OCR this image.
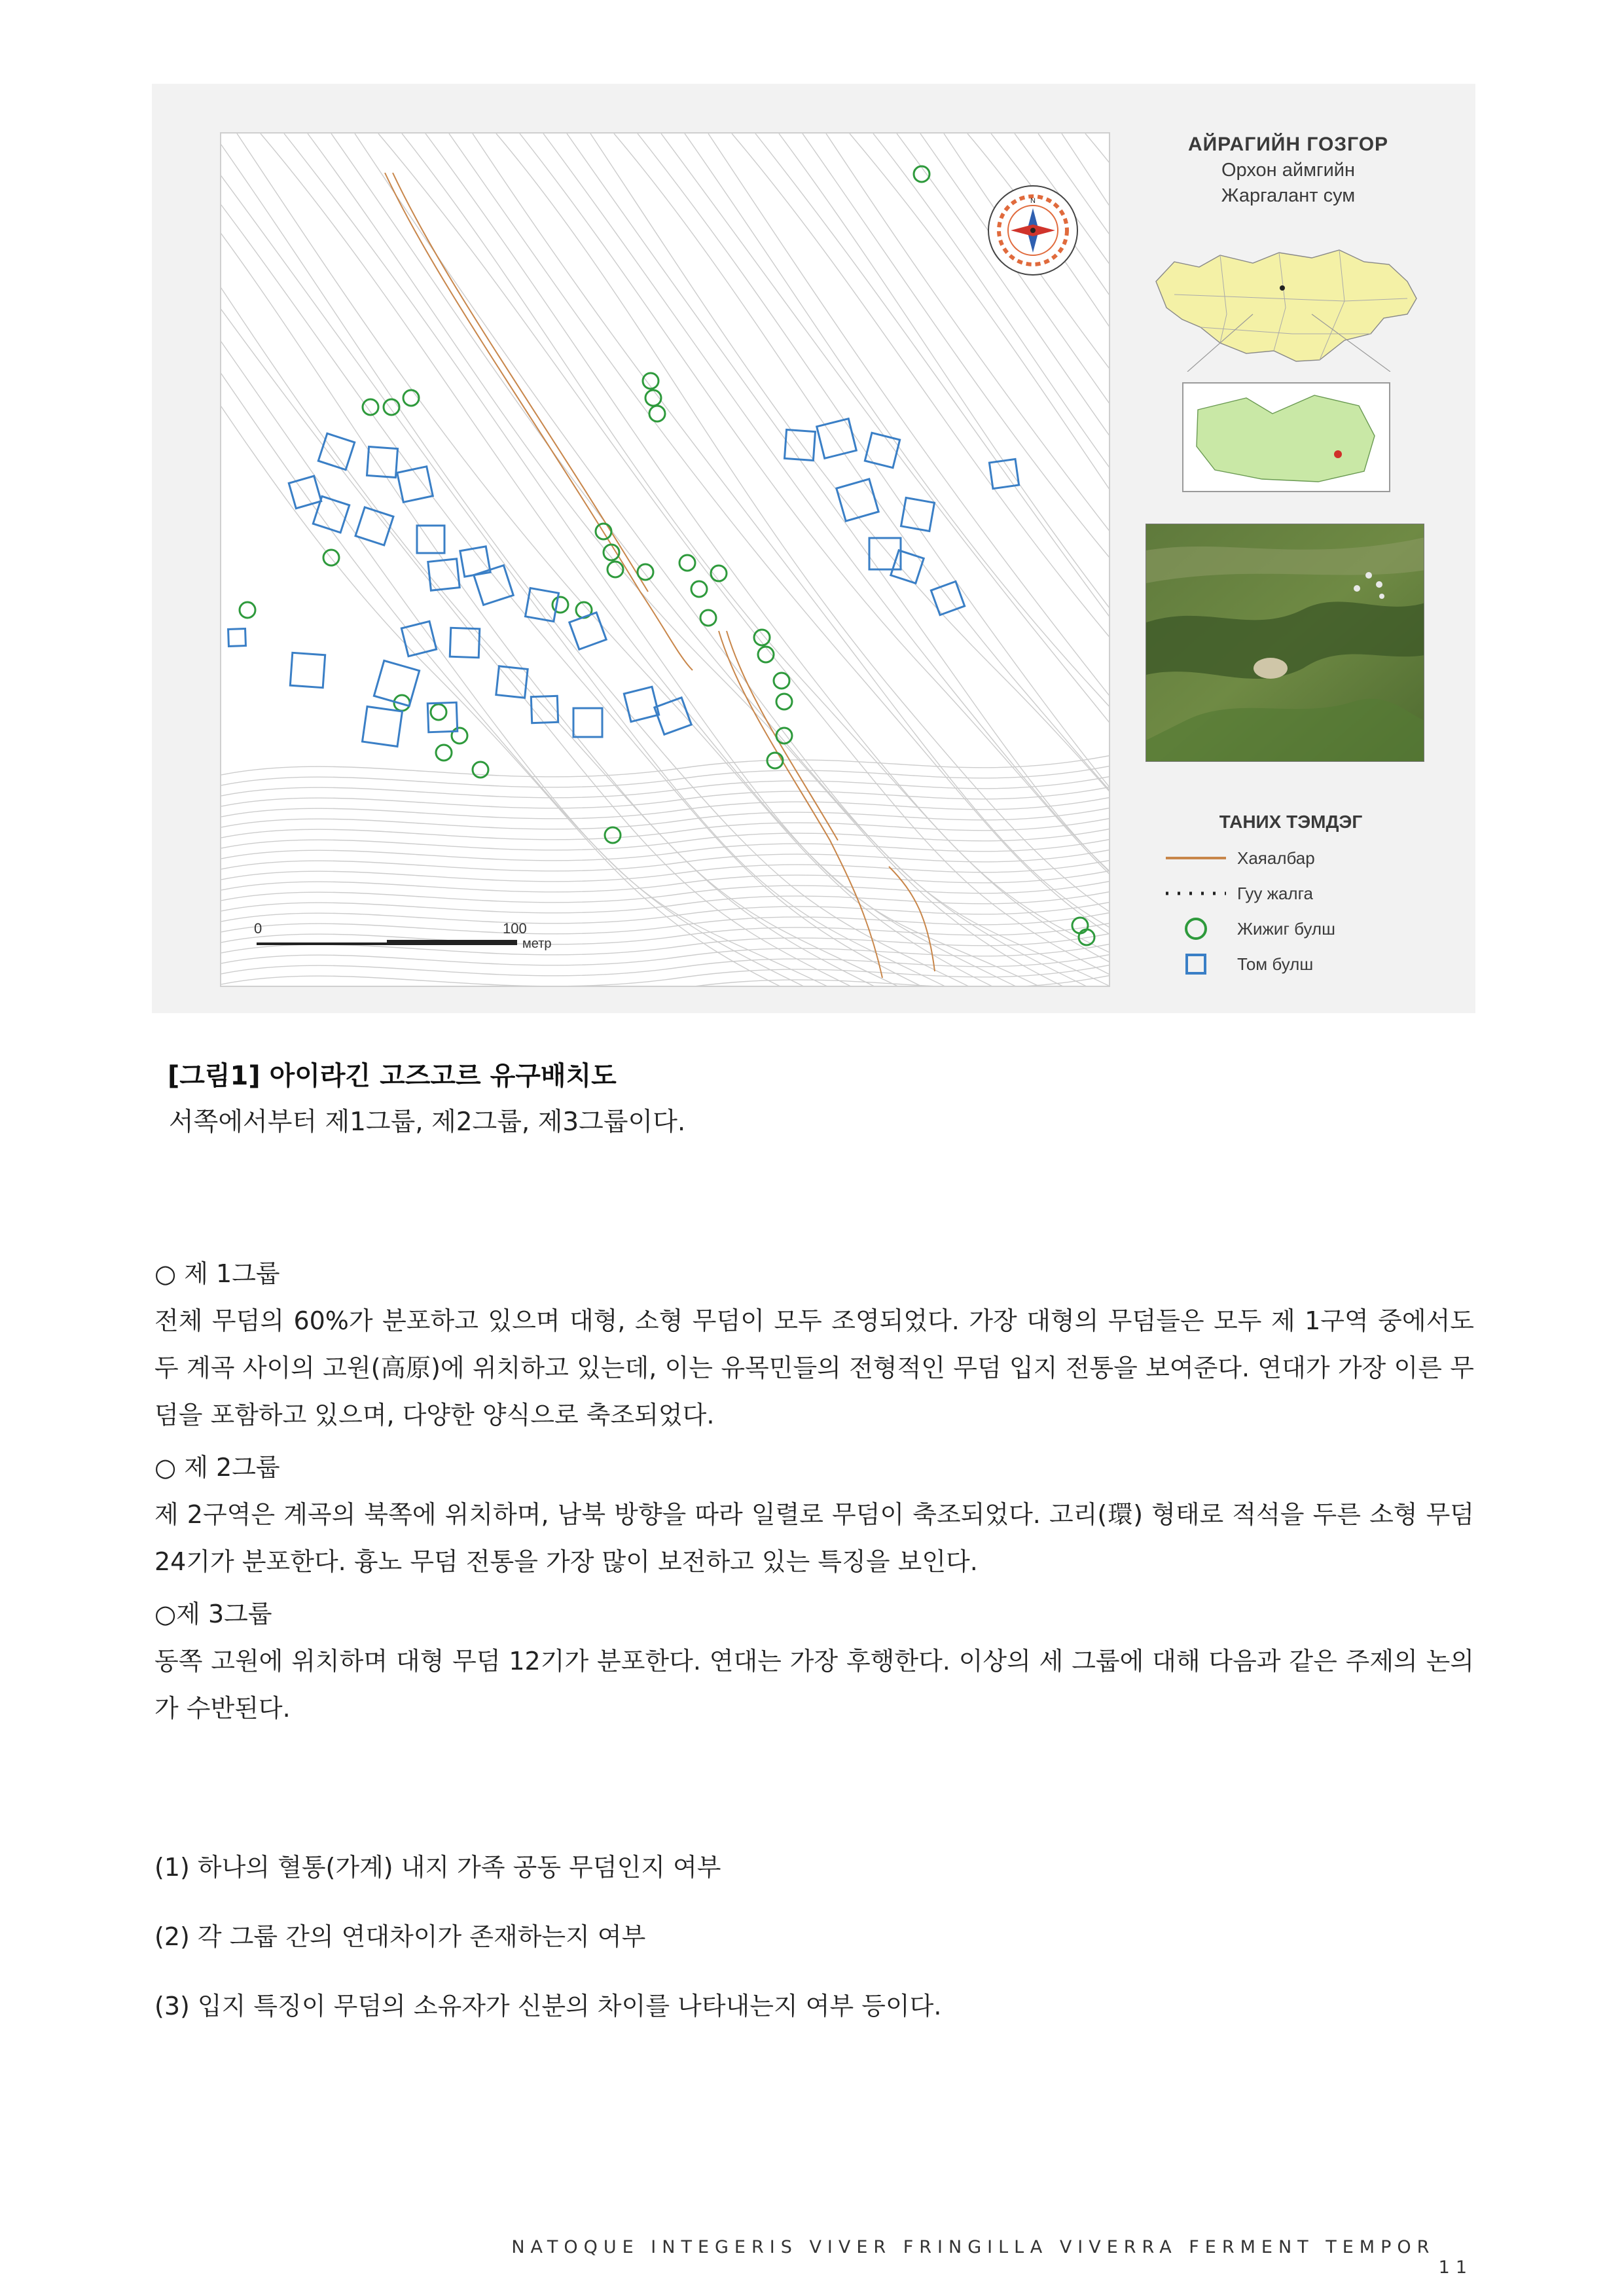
N
0	100
метр
АЙРАГИЙН ГОЗГОР
Орхон аймгийн
Жаргалант сум
ТАНИХ ТЭМДЭГ
Хаяалбар
Гуу жалга
Жижиг булш
Том булш
[그림1] 아이라긴 고즈고르 유구배치도
서쪽에서부터 제1그룹, 제2그룹, 제3그룹이다.
○ 제 1그룹
전체 무덤의 60%가 분포하고 있으며 대형, 소형 무덤이 모두 조영되었다. 가장 대형의 무덤들은 모두 제 1구역 중에서도 두 계곡 사이의 고원(高原)에 위치하고 있는데, 이는 유목민들의 전형적인 무덤 입지 전통을 보여준다. 연대가 가장 이른 무덤을 포함하고 있으며, 다양한 양식으로 축조되었다.
○ 제 2그룹
제 2구역은 계곡의 북쪽에 위치하며, 남북 방향을 따라 일렬로 무덤이 축조되었다. 고리(環) 형태로 적석을 두른 소형 무덤 24기가 분포한다. 흉노 무덤 전통을 가장 많이 보전하고 있는 특징을 보인다.
○제 3그룹
동쪽 고원에 위치하며 대형 무덤 12기가 분포한다. 연대는 가장 후행한다. 이상의 세 그룹에 대해 다음과 같은 주제의 논의가 수반된다.
(1) 하나의 혈통(가계) 내지 가족 공동 무덤인지 여부
(2) 각 그룹 간의 연대차이가 존재하는지 여부
(3) 입지 특징이 무덤의 소유자가 신분의 차이를 나타내는지 여부 등이다.
NATOQUE INTEGERIS VIVER FRINGILLA VIVERRA FERMENT TEMPOR  11
